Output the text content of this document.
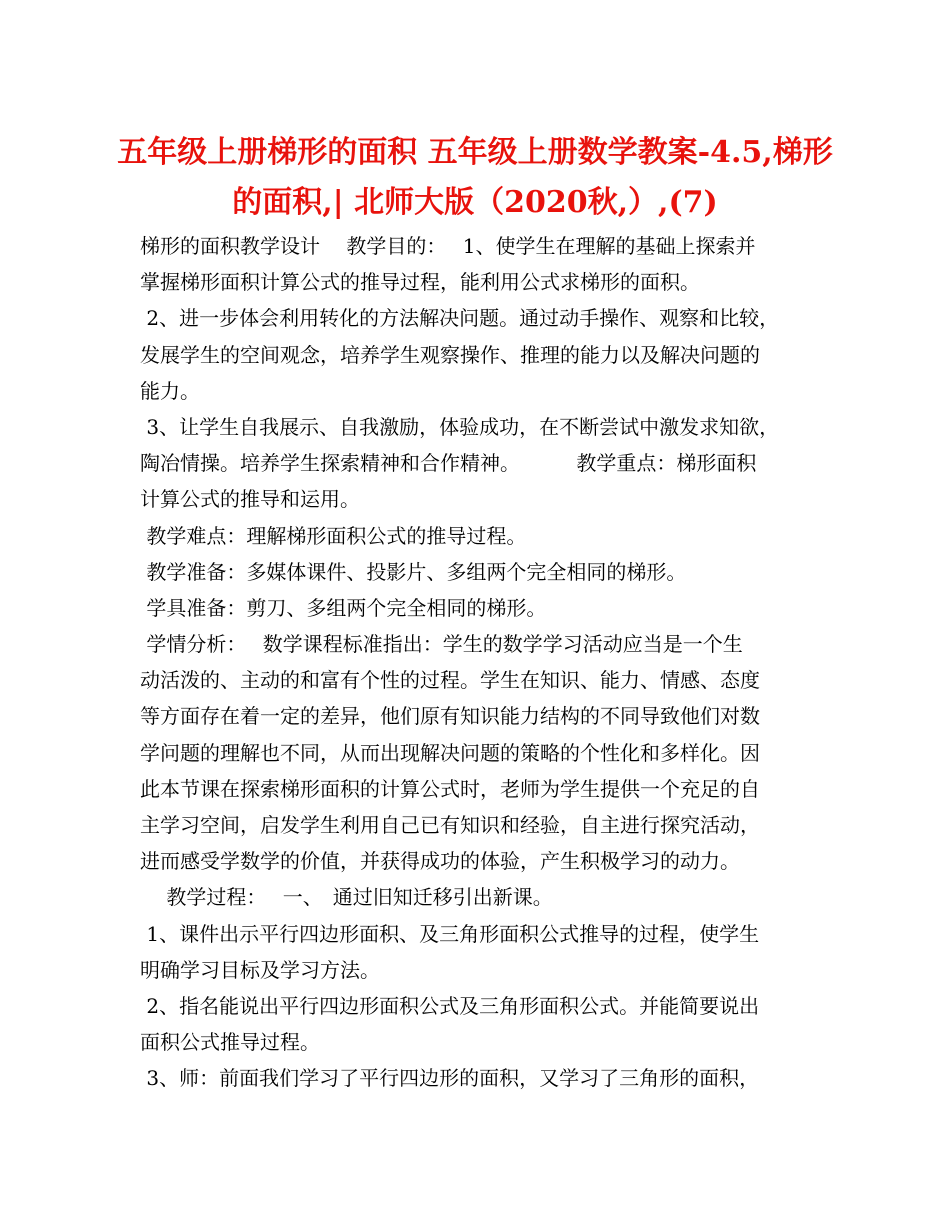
五年级上册梯形的面积 五年级上册数学教案-4.5,梯形
的面积,| 北师大版（2020秋,）,(7)
梯形的面积教学设计　 教学目的：　 1、使学生在理解的基础上探索并
掌握梯形面积计算公式的推导过程，能利用公式求梯形的面积。
2、进一步体会利用转化的方法解决问题。通过动手操作、观察和比较，
发展学生的空间观念，培养学生观察操作、推理的能力以及解决问题的
能力。
3、让学生自我展示、自我激励，体验成功，在不断尝试中激发求知欲，
陶冶情操。培养学生探索精神和合作精神。　　　 教学重点：梯形面积
计算公式的推导和运用。
教学难点：理解梯形面积公式的推导过程。
教学准备：多媒体课件、投影片、多组两个完全相同的梯形。
学具准备：剪刀、多组两个完全相同的梯形。
学情分析：　 数学课程标准指出：学生的数学学习活动应当是一个生
动活泼的、主动的和富有个性的过程。学生在知识、能力、情感、态度
等方面存在着一定的差异，他们原有知识能力结构的不同导致他们对数
学问题的理解也不同，从而出现解决问题的策略的个性化和多样化。因
此本节课在探索梯形面积的计算公式时，老师为学生提供一个充足的自
主学习空间，启发学生利用自己已有知识和经验，自主进行探究活动，
进而感受学数学的价值，并获得成功的体验，产生积极学习的动力。
　 教学过程：　 一、　通过旧知迁移引出新课。
1、课件出示平行四边形面积、及三角形面积公式推导的过程，使学生
明确学习目标及学习方法。
2、指名能说出平行四边形面积公式及三角形面积公式。并能简要说出
面积公式推导过程。
3、师：前面我们学习了平行四边形的面积，又学习了三角形的面积，
